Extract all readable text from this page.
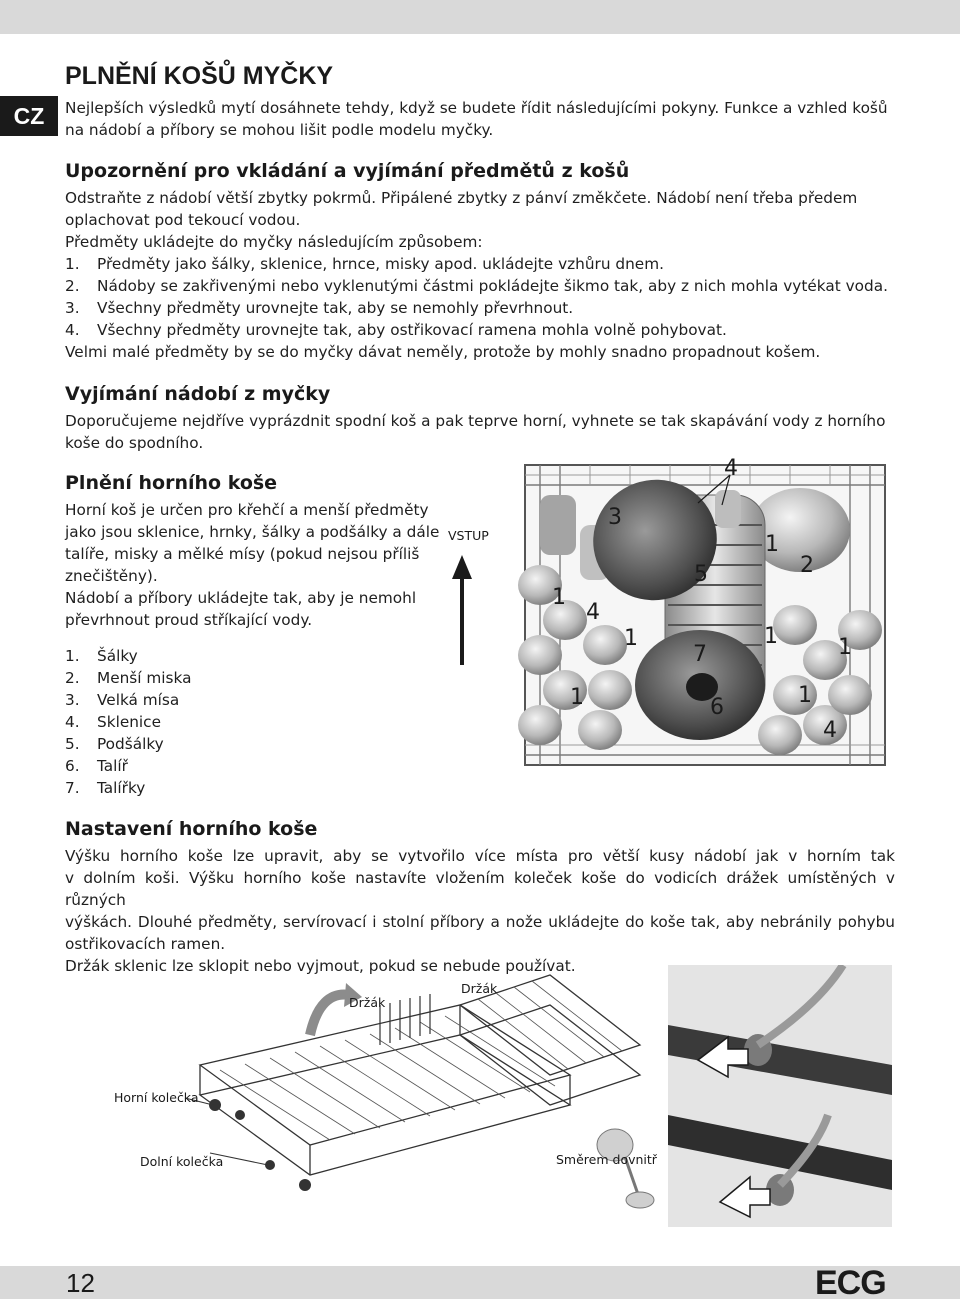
CZ
PLNĚNÍ KOŠŮ MYČKY
Nejlepších výsledků mytí dosáhnete tehdy, když se budete řídit následujícími pokyny. Funkce a vzhled košů
na nádobí a příbory se mohou lišit podle modelu myčky.
Upozornění pro vkládání a vyjímání předmětů z košů
Odstraňte z nádobí větší zbytky pokrmů. Připálené zbytky z pánví změkčete. Nádobí není třeba předem
oplachovat pod tekoucí vodou.
Předměty ukládejte do myčky následujícím způsobem:
1. Předměty jako šálky, sklenice, hrnce, misky apod. ukládejte vzhůru dnem.
2. Nádoby se zakřivenými nebo vyklenutými částmi pokládejte šikmo tak, aby z nich mohla vytékat voda.
3. Všechny předměty urovnejte tak, aby se nemohly převrhnout.
4. Všechny předměty urovnejte tak, aby ostřikovací ramena mohla volně pohybovat.
Velmi malé předměty by se do myčky dávat neměly, protože by mohly snadno propadnout košem.
Vyjímání nádobí z myčky
Doporučujeme nejdříve vyprázdnit spodní koš a pak teprve horní, vyhnete se tak skapávání vody z horního
koše do spodního.
Plnění horního koše
Horní koš je určen pro křehčí a menší předměty
jako jsou sklenice, hrnky, šálky a podšálky a dále
talíře, misky a mělké mísy (pokud nejsou příliš
znečištěny).
Nádobí a příbory ukládejte tak, aby je nemohl
převrhnout proud stříkající vody.
1. Šálky
2. Menší miska
3. Velká mísa
4. Sklenice
5. Podšálky
6. Talíř
7. Talířky
VSTUP
4
3
1
2
5
1
4
1	1	1
7
1	6	1
4
Nastavení horního koše
Výšku horního koše lze upravit, aby se vytvořilo více místa pro větší kusy nádobí jak v horním tak
v dolním koši. Výšku horního koše nastavíte vložením koleček koše do vodicích drážek umístěných v různých
výškách. Dlouhé předměty, servírovací i stolní příbory a nože ukládejte do koše tak, aby nebránily pohybu
ostřikovacích ramen.
Držák sklenic lze sklopit nebo vyjmout, pokud se nebude používat.
Držák
Držák
Horní kolečka
Dolní kolečka	Směrem dovnitř
12	ECG
